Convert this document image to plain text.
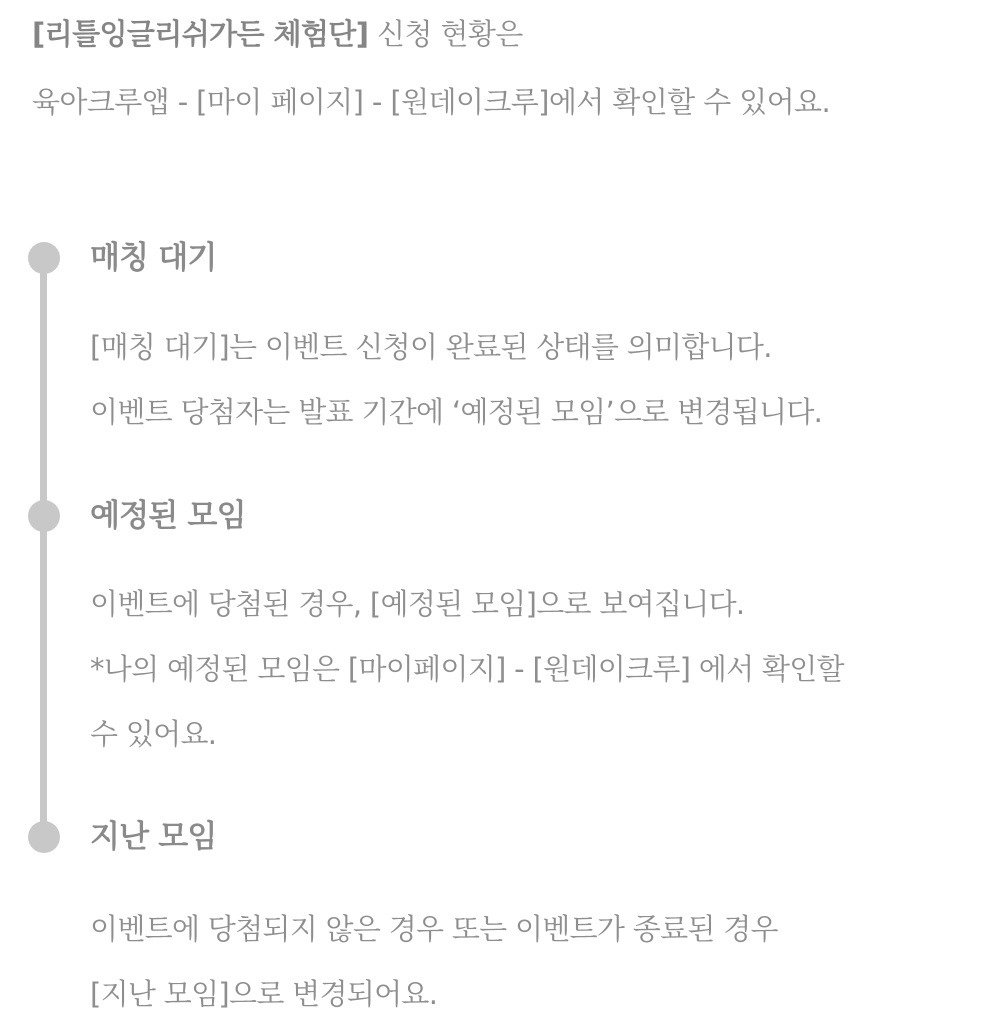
[리틀잉글리쉬가든 체험단] 신청 현황은
육아크루앱 - [마이 페이지] - [원데이크루]에서 확인할 수 있어요.
매칭 대기
[매칭 대기]는 이벤트 신청이 완료된 상태를 의미합니다.
이벤트 당첨자는 발표 기간에 ‘예정된 모임’으로 변경됩니다.
예정된 모임
이벤트에 당첨된 경우, [예정된 모임]으로 보여집니다.
*나의 예정된 모임은 [마이페이지] - [원데이크루] 에서 확인할
수 있어요.
지난 모임
이벤트에 당첨되지 않은 경우 또는 이벤트가 종료된 경우
[지난 모임]으로 변경되어요.
